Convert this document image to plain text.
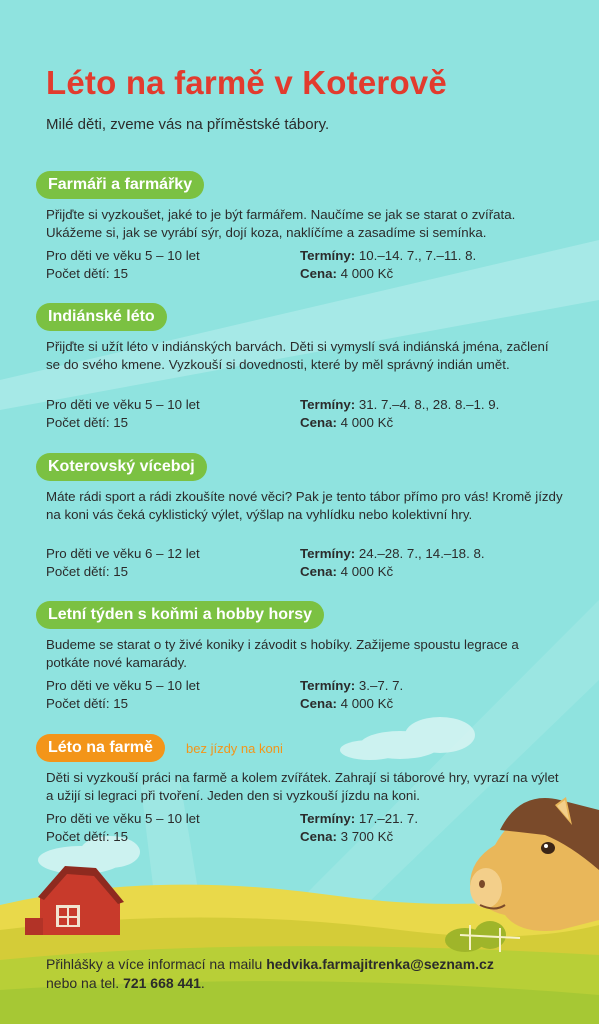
Léto na farmě v Koterově
Milé děti, zveme vás na příměstské tábory.
Farmáři a farmářky
Přijďte si vyzkoušet, jaké to je být farmářem. Naučíme se jak se starat o zvířata. Ukážeme si, jak se vyrábí sýr, dojí koza, naklíčíme a zasadíme si semínka.
Pro děti ve věku 5 – 10 let
Počet dětí: 15
Termíny: 10.–14. 7., 7.–11. 8.
Cena: 4 000 Kč
Indiánské léto
Přijďte si užít léto v indiánských barvách. Děti si vymyslí svá indiánská jména, začlení se do svého kmene. Vyzkouší si dovednosti, které by měl správný indián umět.
Pro děti ve věku 5 – 10 let
Počet dětí: 15
Termíny: 31. 7.–4. 8., 28. 8.–1. 9.
Cena: 4 000 Kč
Koterovský víceboj
Máte rádi sport a rádi zkoušíte nové věci? Pak je tento tábor přímo pro vás! Kromě jízdy na koni vás čeká cyklistický výlet, výšlap na vyhlídku nebo kolektivní hry.
Pro děti ve věku 6 – 12 let
Počet dětí: 15
Termíny: 24.–28. 7., 14.–18. 8.
Cena: 4 000 Kč
Letní týden s koňmi a hobby horsy
Budeme se starat o ty živé koniky i závodit s hobíky. Zažijeme spoustu legrace a potkáte nové kamarády.
Pro děti ve věku 5 – 10 let
Počet dětí: 15
Termíny: 3.–7. 7.
Cena: 4 000 Kč
Léto na farmě	bez jízdy na koni
Děti si vyzkouší práci na farmě a kolem zvířátek. Zahrají si táborové hry, vyrazí na výlet a užijí si legraci při tvoření. Jeden den si vyzkouší jízdu na koni.
Pro děti ve věku 5 – 10 let
Počet dětí: 15
Termíny: 17.–21. 7.
Cena: 3 700 Kč
Přihlášky a více informací na mailu hedvika.farmajitrenka@seznam.cz
nebo na tel. 721 668 441.
